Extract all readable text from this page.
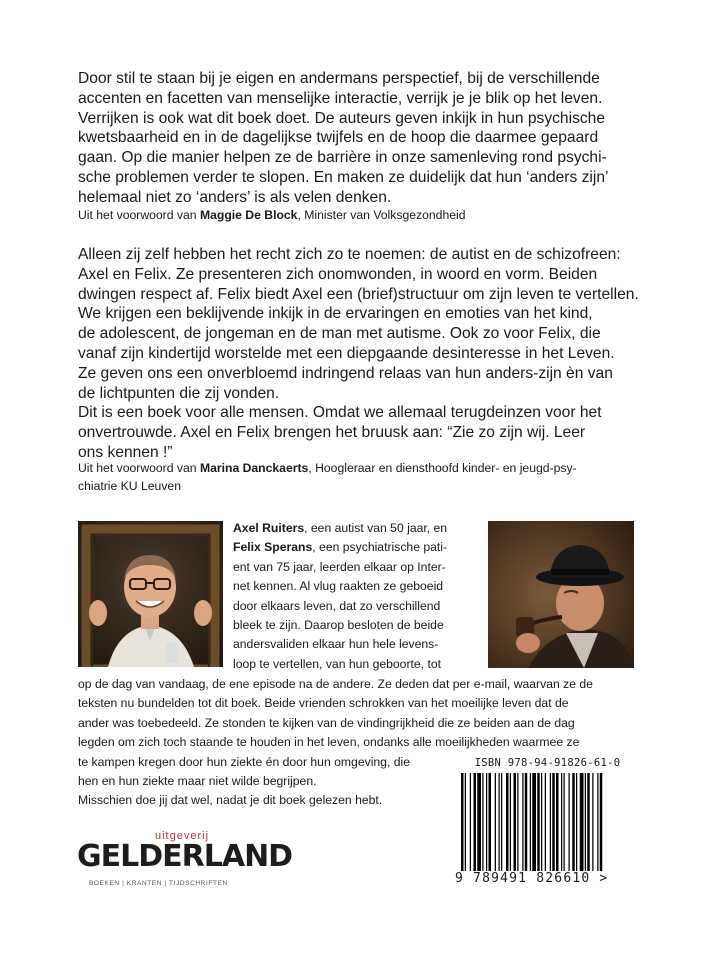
Door stil te staan bij je eigen en andermans perspectief, bij de verschillende

accenten en facetten van menselijke interactie, verrijk je je blik op het leven.

Verrijken is ook wat dit boek doet. De auteurs geven inkijk in hun psychische

kwetsbaarheid en in de dagelijkse twijfels en de hoop die daarmee gepaard

gaan. Op die manier helpen ze de barrière in onze samenleving rond psychi-

sche problemen verder te slopen. En maken ze duidelijk dat hun ‘anders zijn’

helemaal niet zo ‘anders’ is als velen denken.

Uit het voorwoord van Maggie De Block, Minister van Volksgezondheid

Alleen zij zelf hebben het recht zich zo te noemen: de autist en de schizofreen:

Axel en Felix. Ze presenteren zich onomwonden, in woord en vorm. Beiden

dwingen respect af. Felix biedt Axel een (brief)structuur om zijn leven te vertellen.

We krijgen een beklijvende inkijk in de ervaringen en emoties van het kind,

de adolescent, de jongeman en de man met autisme. Ook zo voor Felix, die

vanaf zijn kindertijd worstelde met een diepgaande desinteresse in het Leven.

Ze geven ons een onverbloemd indringend relaas van hun anders-zijn èn van

de lichtpunten die zij vonden.

Dit is een boek voor alle mensen. Omdat we allemaal terugdeinzen voor het

onvertrouwde. Axel en Felix brengen het bruusk aan: “Zie zo zijn wij. Leer

ons kennen !”

Uit het voorwoord van Marina Danckaerts, Hoogleraar en diensthoofd kinder- en jeugd-psy-
chiatrie KU Leuven
Axel Ruiters, een autist van 50 jaar, en
Felix Sperans, een psychiatrische pati-
ent van 75 jaar, leerden elkaar op Inter-
net kennen. Al vlug raakten ze geboeid
door elkaars leven, dat zo verschillend
bleek te zijn. Daarop besloten de beide
andersvaliden elkaar hun hele levens-
loop te vertellen, van hun geboorte, tot
op de dag van vandaag, de ene episode na de andere. Ze deden dat per e-mail, waarvan ze de
teksten nu bundelden tot dit boek. Beide vrienden schrokken van het moeilijke leven dat de
ander was toebedeeld. Ze stonden te kijken van de vindingrijkheid die ze beiden aan de dag
legden om zich toch staande te houden in het leven, ondanks alle moeilijkheden waarmee ze
te kampen kregen door hun ziekte én door hun omgeving, die
hen en hun ziekte maar niet wilde begrijpen.
Misschien doe jij dat wel, nadat je dit boek gelezen hebt.
ISBN 978-94-91826-61-0
9 789491 826610 >
uitgeverij
GELDERLAND
BOEKEN | KRANTEN | TIJDSCHRIFTEN
